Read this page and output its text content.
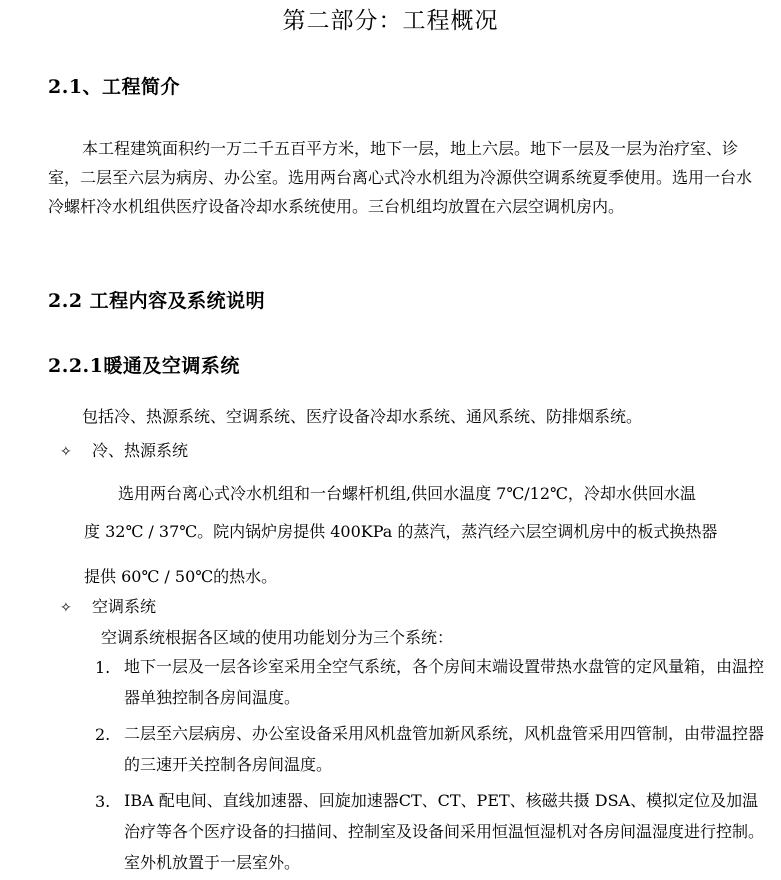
第二部分：工程概况
2.1、工程简介
本工程建筑面积约一万二千五百平方米，地下一层，地上六层。地下一层及一层为治疗室、诊室，二层至六层为病房、办公室。选用两台离心式冷水机组为冷源供空调系统夏季使用。选用一台水冷螺杆冷水机组供医疗设备冷却水系统使用。三台机组均放置在六层空调机房内。
2.2 工程内容及系统说明
2.2.1暖通及空调系统
包括冷、热源系统、空调系统、医疗设备冷却水系统、通风系统、防排烟系统。
✧ 冷、热源系统
选用两台离心式冷水机组和一台螺杆机组,供回水温度 7℃/12℃，冷却水供回水温
度 32℃ / 37℃。院内锅炉房提供 400KPa 的蒸汽，蒸汽经六层空调机房中的板式换热器
提供 60℃ / 50℃的热水。
✧ 空调系统
空调系统根据各区域的使用功能划分为三个系统：
1. 地下一层及一层各诊室采用全空气系统，各个房间末端设置带热水盘管的定风量箱，由温控器单独控制各房间温度。
2. 二层至六层病房、办公室设备采用风机盘管加新风系统，风机盘管采用四管制，由带温控器的三速开关控制各房间温度。
3. IBA 配电间、直线加速器、回旋加速器CT、CT、PET、核磁共摄 DSA、模拟定位及加温治疗等各个医疗设备的扫描间、控制室及设备间采用恒温恒湿机对各房间温湿度进行控制。室外机放置于一层室外。
